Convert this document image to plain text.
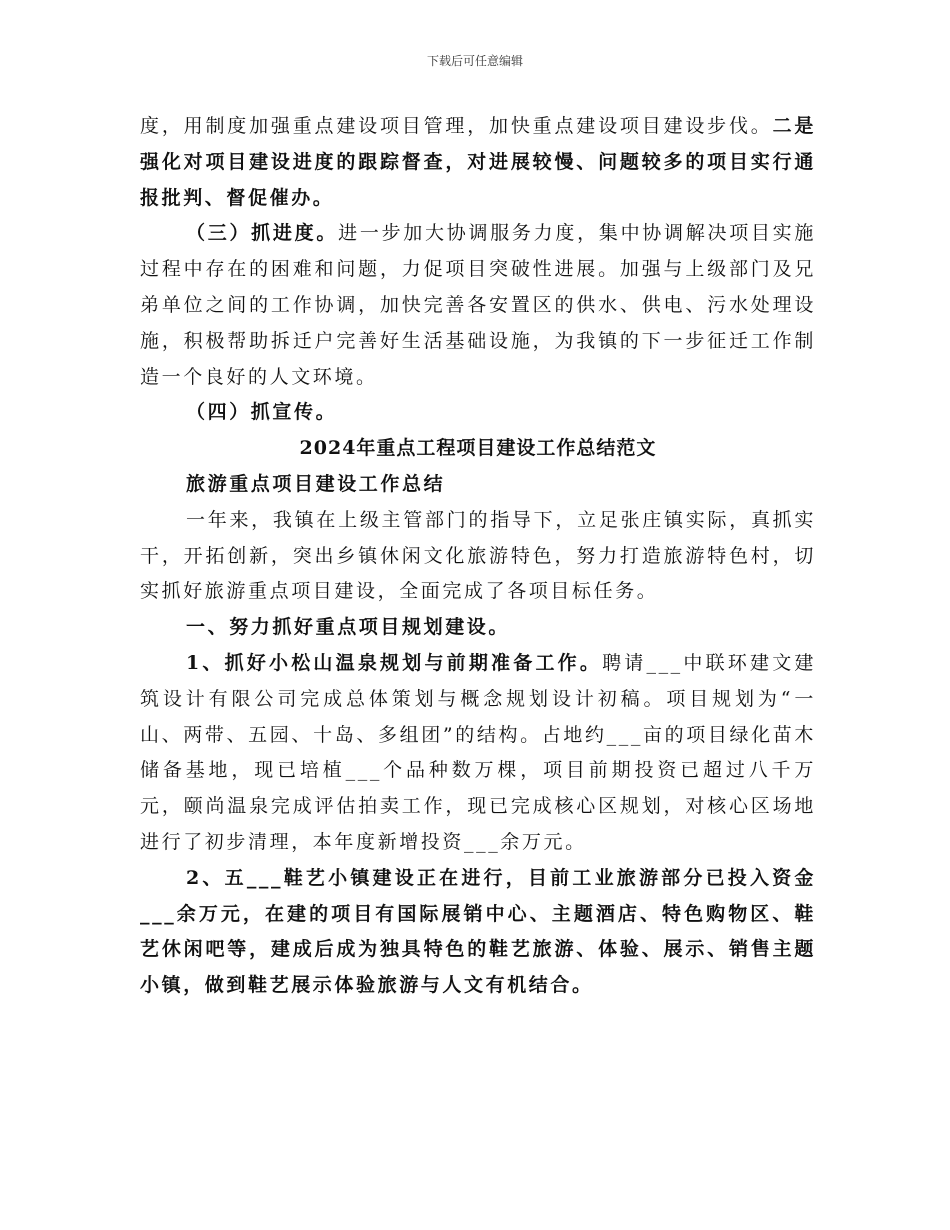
下载后可任意编辑

度，用制度加强重点建设项目管理，加快重点建设项目建设步伐。二是强化对项目建设进度的跟踪督查，对进展较慢、问题较多的项目实行通报批判、督促催办。

（三）抓进度。进一步加大协调服务力度，集中协调解决项目实施过程中存在的困难和问题，力促项目突破性进展。加强与上级部门及兄弟单位之间的工作协调，加快完善各安置区的供水、供电、污水处理设施，积极帮助拆迁户完善好生活基础设施，为我镇的下一步征迁工作制造一个良好的人文环境。

（四）抓宣传。

2024年重点工程项目建设工作总结范文

旅游重点项目建设工作总结

一年来，我镇在上级主管部门的指导下，立足张庄镇实际，真抓实干，开拓创新，突出乡镇休闲文化旅游特色，努力打造旅游特色村，切实抓好旅游重点项目建设，全面完成了各项目标任务。

一、努力抓好重点项目规划建设。

1、抓好小松山温泉规划与前期准备工作。聘请___中联环建文建筑设计有限公司完成总体策划与概念规划设计初稿。项目规划为“一山、两带、五园、十岛、多组团”的结构。占地约___亩的项目绿化苗木储备基地，现已培植___个品种数万棵，项目前期投资已超过八千万元，颐尚温泉完成评估拍卖工作，现已完成核心区规划，对核心区场地进行了初步清理，本年度新增投资___余万元。

2、五___鞋艺小镇建设正在进行，目前工业旅游部分已投入资金___余万元，在建的项目有国际展销中心、主题酒店、特色购物区、鞋艺休闲吧等，建成后成为独具特色的鞋艺旅游、体验、展示、销售主题小镇，做到鞋艺展示体验旅游与人文有机结合。
